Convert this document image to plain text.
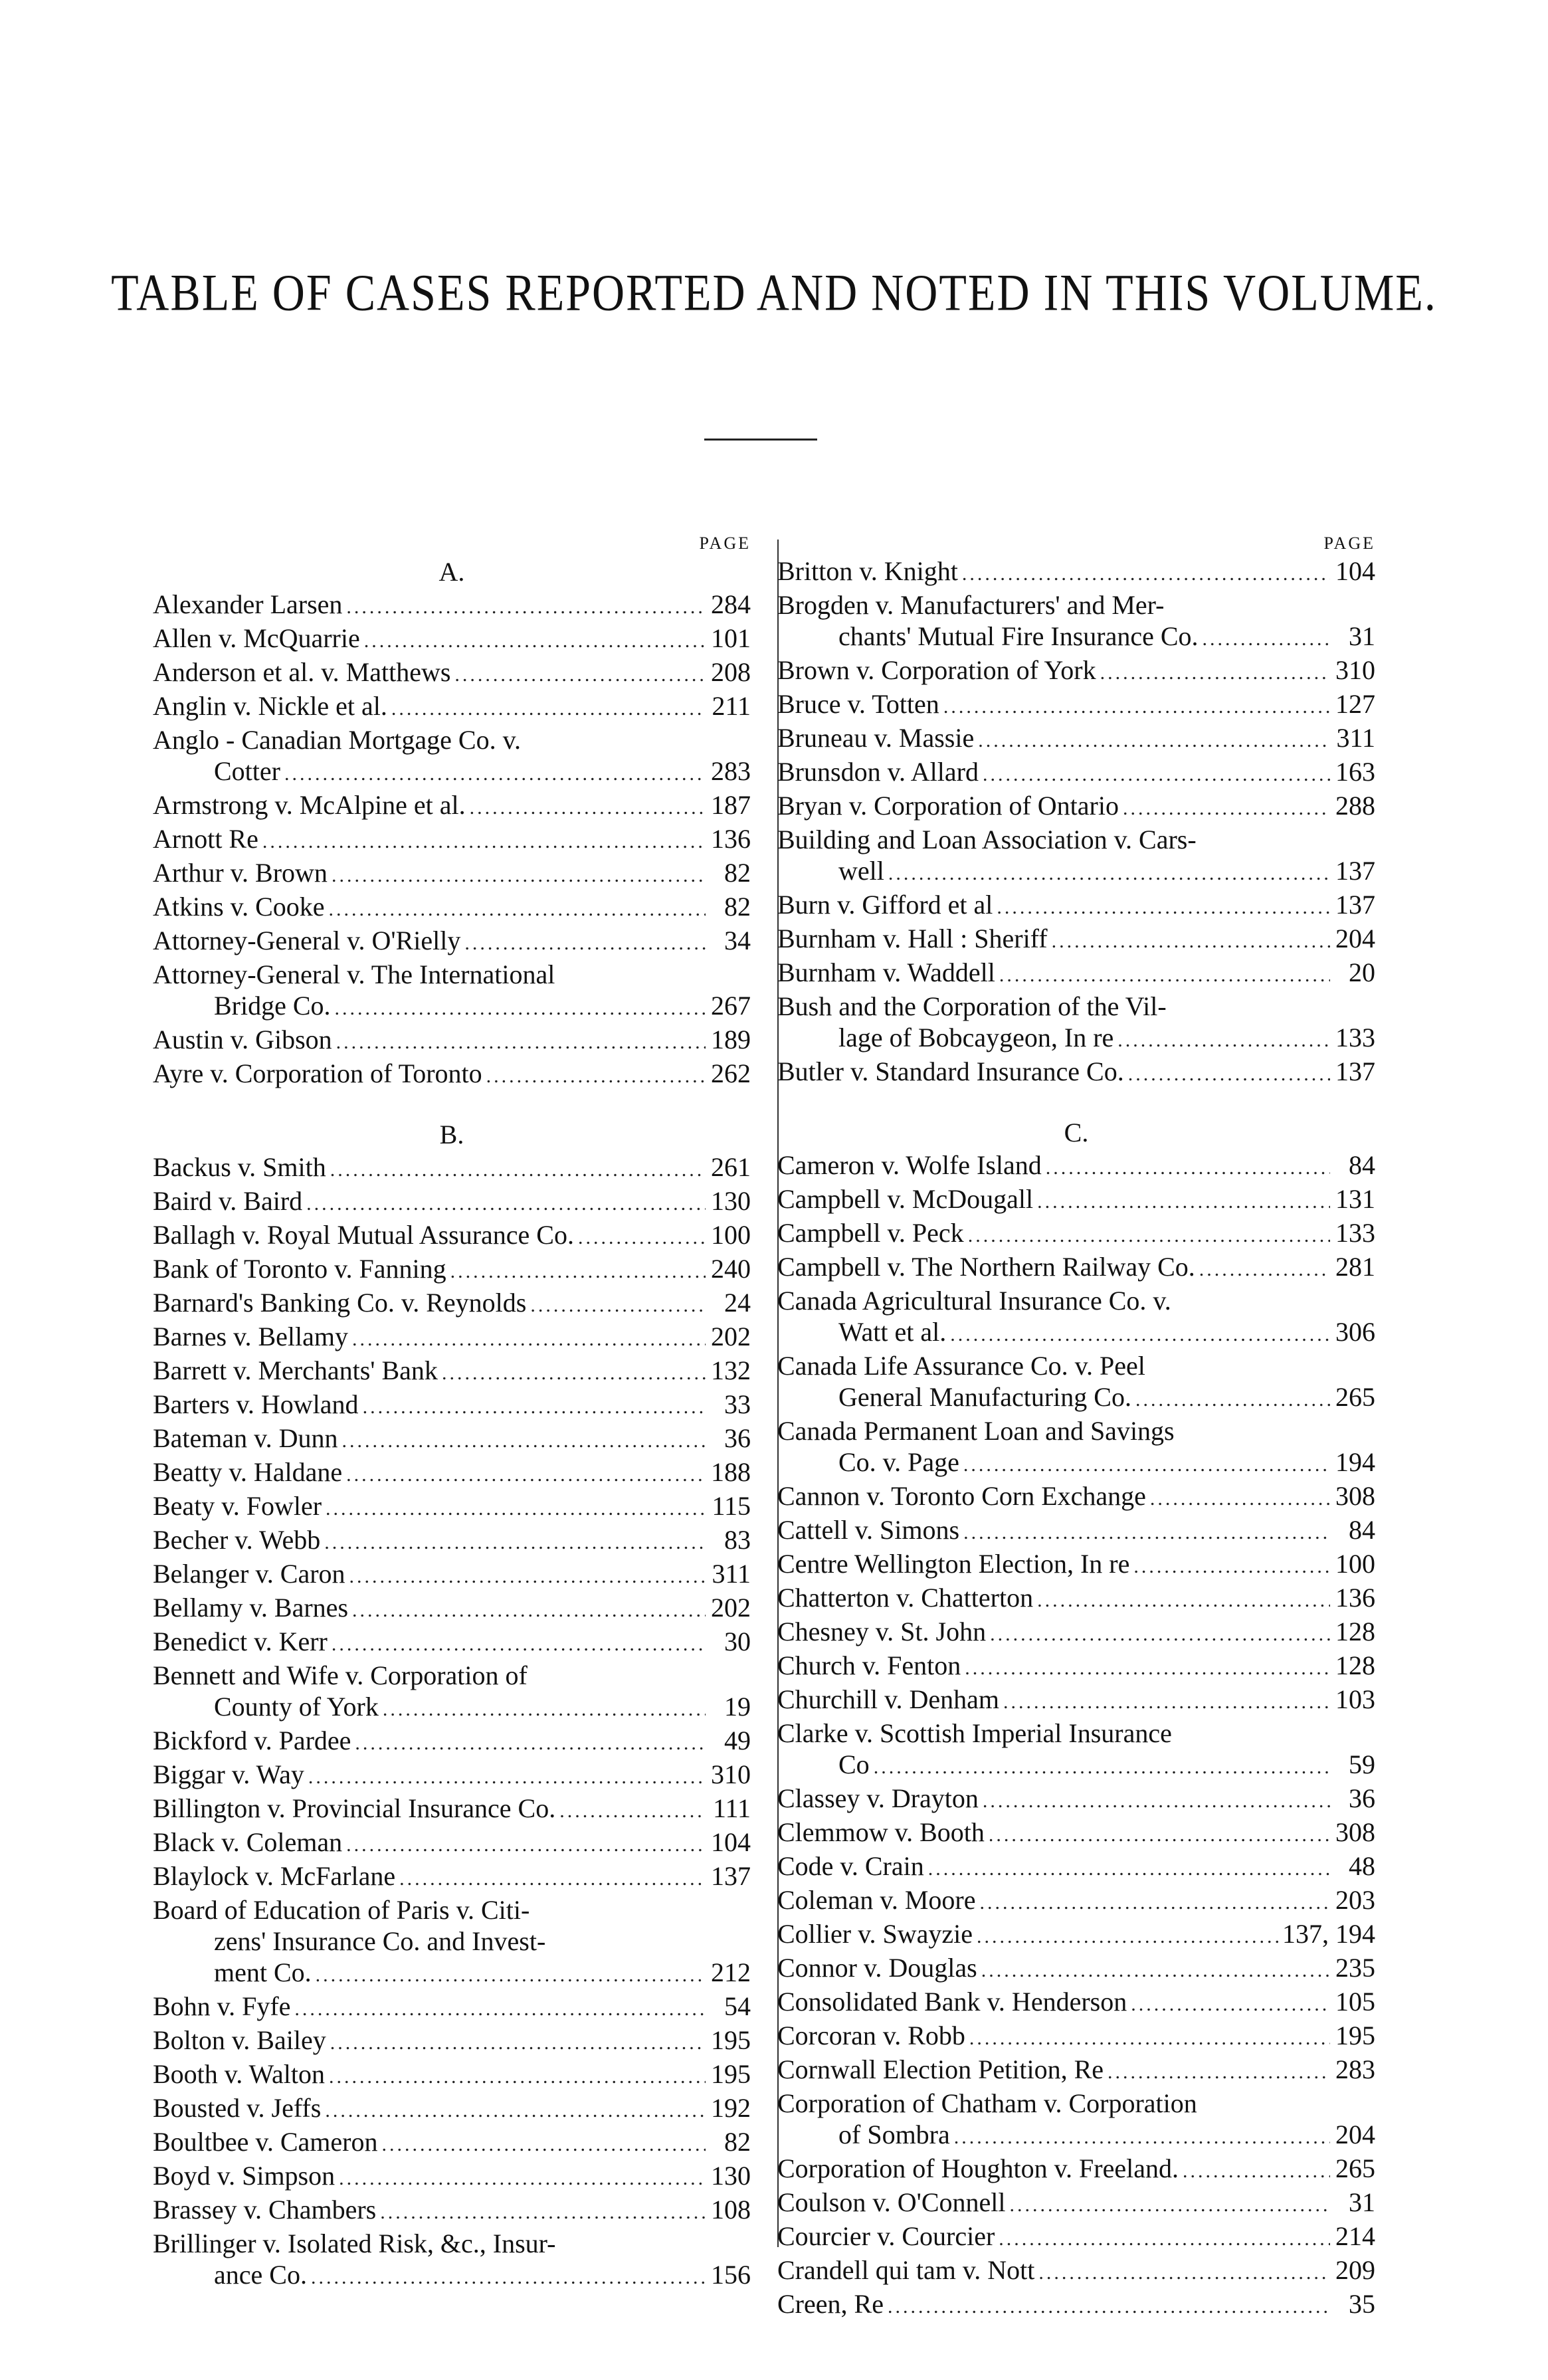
TABLE OF CASES REPORTED AND NOTED IN THIS VOLUME.
PAGE
A.
Alexander Larsen .....	284
Allen v. McQuarrie .....	101
Anderson et al. v. Matthews .....	208
Anglin v. Nickle et al. .....	211
Anglo - Canadian Mortgage Co. v.
Cotter .....	283
Armstrong v. McAlpine et al. .....	187
Arnott Re .....	136
Arthur v. Brown .....	82
Atkins v. Cooke .....	82
Attorney-General v. O'Rielly .....	34
Attorney-General v. The International
Bridge Co. .....	267
Austin v. Gibson .....	189
Ayre v. Corporation of Toronto .....	262
B.
Backus v. Smith .....	261
Baird v. Baird .....	130
Ballagh v. Royal Mutual Assurance Co. .....	100
Bank of Toronto v. Fanning .....	240
Barnard's Banking Co. v. Reynolds .....	24
Barnes v. Bellamy .....	202
Barrett v. Merchants' Bank .....	132
Barters v. Howland .....	33
Bateman v. Dunn .....	36
Beatty v. Haldane .....	188
Beaty v. Fowler .....	115
Becher v. Webb .....	83
Belanger v. Caron .....	311
Bellamy v. Barnes .....	202
Benedict v. Kerr .....	30
Bennett and Wife v. Corporation of
County of York .....	19
Bickford v. Pardee .....	49
Biggar v. Way .....	310
Billington v. Provincial Insurance Co. .....	111
Black v. Coleman .....	104
Blaylock v. McFarlane .....	137
Board of Education of Paris v. Citi-
zens' Insurance Co. and Invest-
ment Co. .....	212
Bohn v. Fyfe .....	54
Bolton v. Bailey .....	195
Booth v. Walton .....	195
Bousted v. Jeffs .....	192
Boultbee v. Cameron .....	82
Boyd v. Simpson .....	130
Brassey v. Chambers .....	108
Brillinger v. Isolated Risk, &c., Insur-
ance Co. .....	156
PAGE
Britton v. Knight .....	104
Brogden v. Manufacturers' and Mer-
chants' Mutual Fire Insurance Co. .....	31
Brown v. Corporation of York .....	310
Bruce v. Totten .....	127
Bruneau v. Massie .....	311
Brunsdon v. Allard .....	163
Bryan v. Corporation of Ontario .....	288
Building and Loan Association v. Cars-
well .....	137
Burn v. Gifford et al .....	137
Burnham v. Hall : Sheriff .....	204
Burnham v. Waddell .....	20
Bush and the Corporation of the Vil-
lage of Bobcaygeon, In re .....	133
Butler v. Standard Insurance Co. .....	137
C.
Cameron v. Wolfe Island .....	84
Campbell v. McDougall .....	131
Campbell v. Peck .....	133
Campbell v. The Northern Railway Co. .....	281
Canada Agricultural Insurance Co. v.
Watt et al. .....	306
Canada Life Assurance Co. v. Peel
General Manufacturing Co. .....	265
Canada Permanent Loan and Savings
Co. v. Page .....	194
Cannon v. Toronto Corn Exchange .....	308
Cattell v. Simons .....	84
Centre Wellington Election, In re .....	100
Chatterton v. Chatterton .....	136
Chesney v. St. John .....	128
Church v. Fenton .....	128
Churchill v. Denham .....	103
Clarke v. Scottish Imperial Insurance
Co .....	59
Classey v. Drayton .....	36
Clemmow v. Booth .....	308
Code v. Crain .....	48
Coleman v. Moore .....	203
Collier v. Swayzie .....	137, 194
Connor v. Douglas .....	235
Consolidated Bank v. Henderson .....	105
Corcoran v. Robb .....	195
Cornwall Election Petition, Re .....	283
Corporation of Chatham v. Corporation
of Sombra .....	204
Corporation of Houghton v. Freeland. .....	265
Coulson v. O'Connell .....	31
Courcier v. Courcier .....	214
Crandell qui tam v. Nott .....	209
Creen, Re .....	35
